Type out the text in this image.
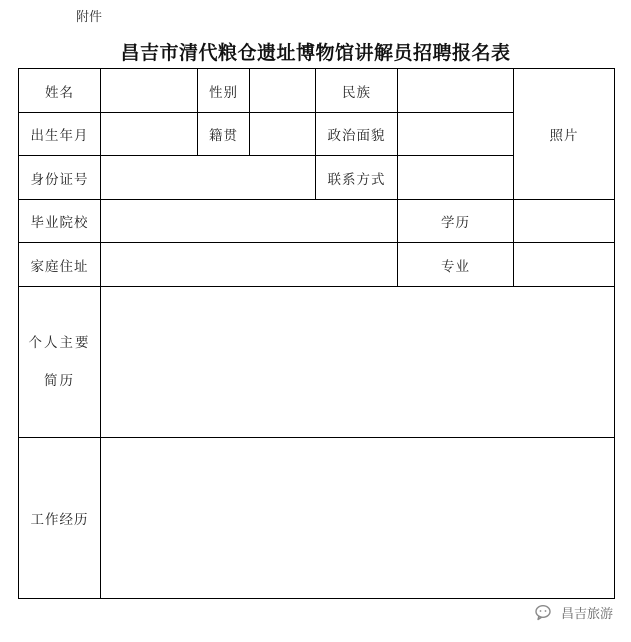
附件
昌吉市清代粮仓遗址博物馆讲解员招聘报名表
姓名		性别		民族		照片
出生年月		籍贯		政治面貌		
身份证号				联系方式		
毕业院校					学历	
家庭住址					专业	

个人主要
简历						

工作经历						
昌吉旅游
